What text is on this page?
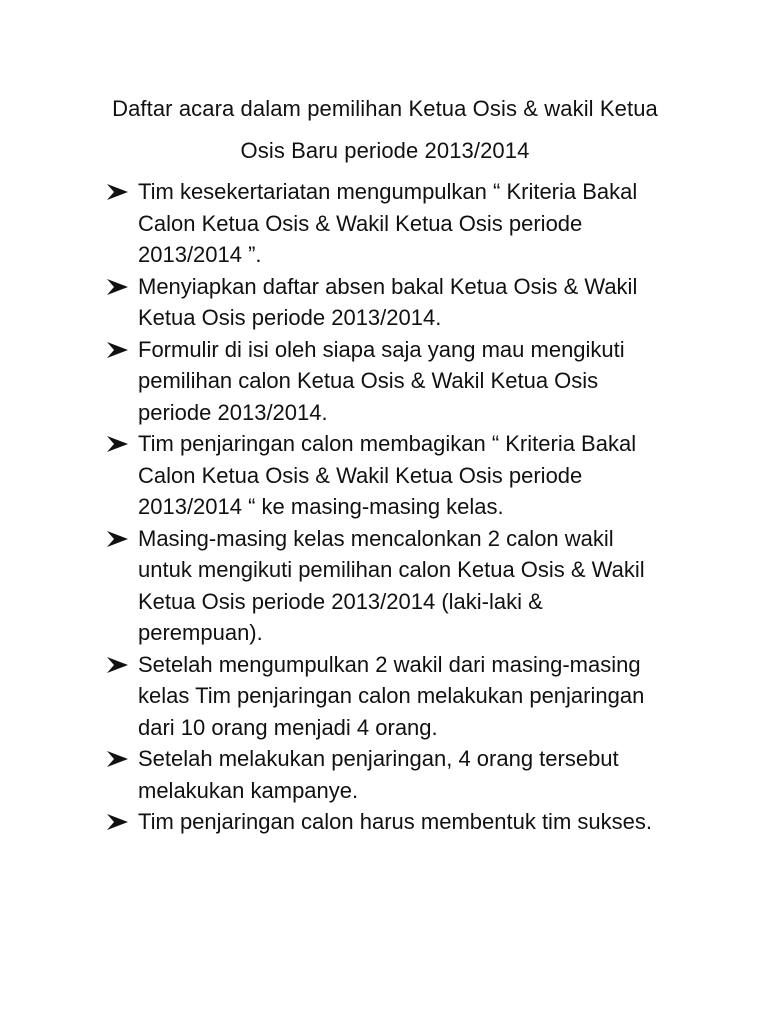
Daftar acara dalam pemilihan Ketua Osis & wakil Ketua
Osis Baru periode 2013/2014
Tim kesekertariatan mengumpulkan “ Kriteria Bakal
Calon Ketua Osis & Wakil Ketua Osis periode
2013/2014 ”.
Menyiapkan daftar absen bakal Ketua Osis & Wakil
Ketua Osis periode 2013/2014.
Formulir di isi oleh siapa saja yang mau mengikuti
pemilihan calon Ketua Osis & Wakil Ketua Osis
periode 2013/2014.
Tim penjaringan calon membagikan “ Kriteria Bakal
Calon Ketua Osis & Wakil Ketua Osis periode
2013/2014 “ ke masing-masing kelas.
Masing-masing kelas mencalonkan 2 calon wakil
untuk mengikuti pemilihan calon Ketua Osis & Wakil
Ketua Osis periode 2013/2014 (laki-laki &
perempuan).
Setelah mengumpulkan 2 wakil dari masing-masing
kelas Tim penjaringan calon melakukan penjaringan
dari 10 orang menjadi 4 orang.
Setelah melakukan penjaringan, 4 orang tersebut
melakukan kampanye.
Tim penjaringan calon harus membentuk tim sukses.
